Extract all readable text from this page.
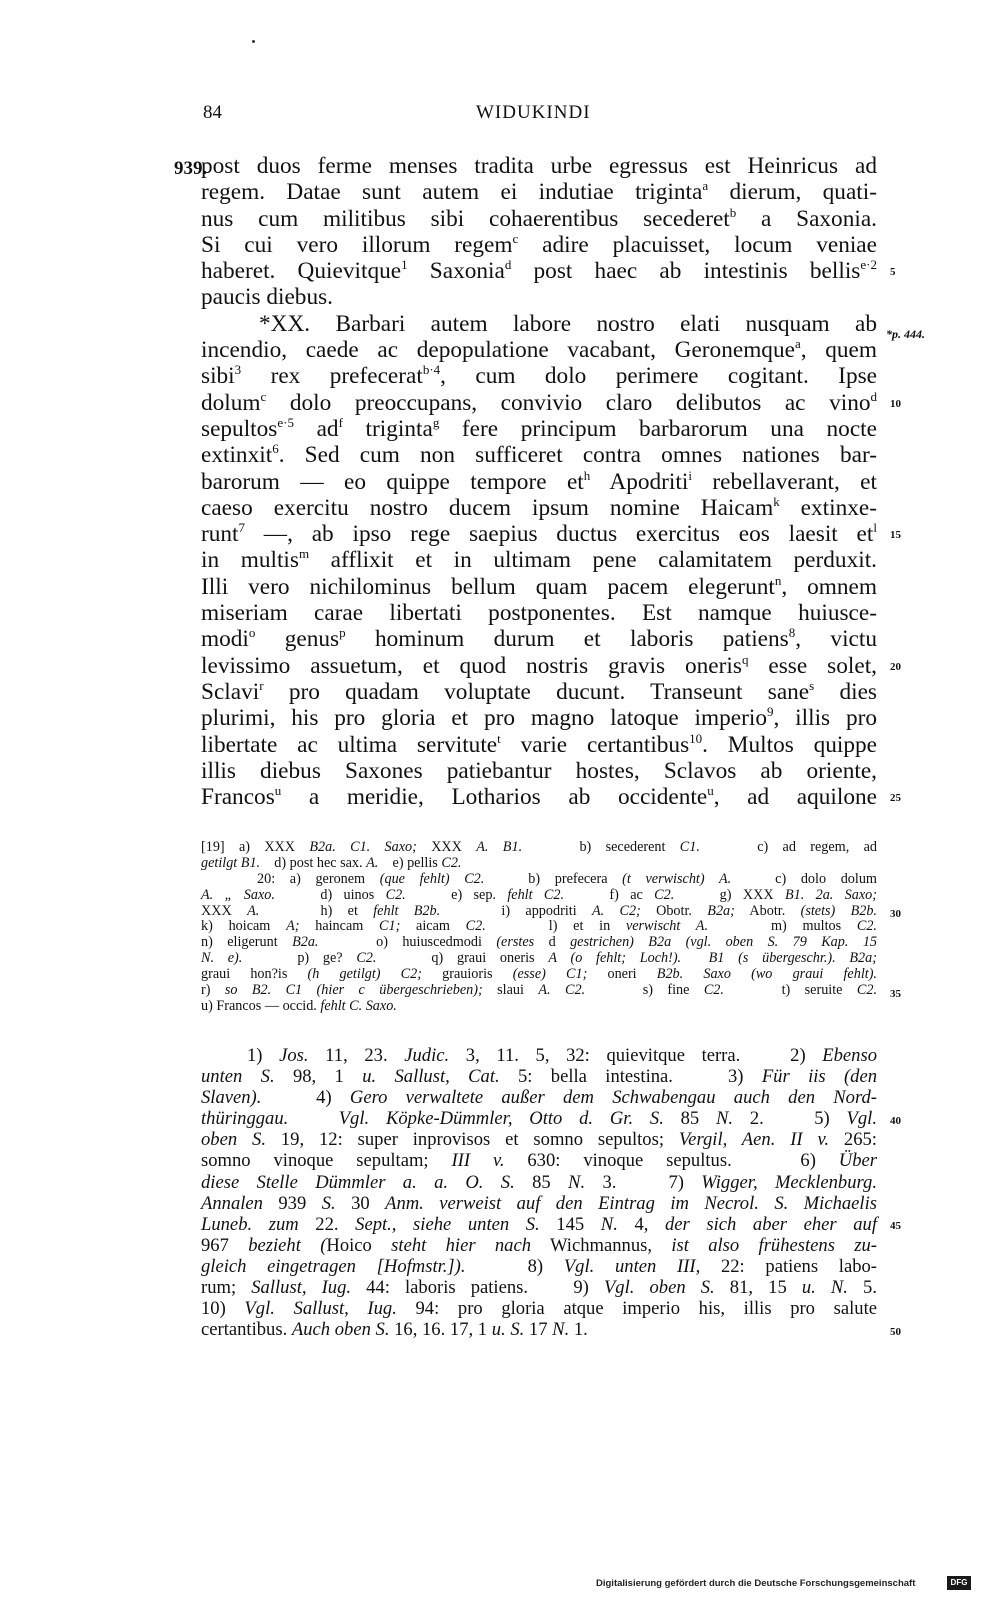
84	WIDUKINDI
939.
*p. 444.
post duos ferme menses tradita urbe egressus est Heinricus ad
regem. Datae sunt autem ei indutiae triginta$^a$ dierum, quati-
nus cum militibus sibi cohaerentibus secederet$^b$ a Saxonia.
Si cui vero illorum regem$^c$ adire placuisset, locum veniae
haberet. Quievitque$^1$ Saxonia$^d$ post haec ab intestinis bellis$^{e\cdot 2}$
paucis diebus.
*XX. Barbari autem labore nostro elati nusquam ab
incendio, caede ac depopulatione vacabant, Geronemque$^a$, quem
sibi$^3$ rex prefecerat$^{b\cdot 4}$, cum dolo perimere cogitant. Ipse
dolum$^c$ dolo preoccupans, convivio claro delibutos ac vino$^d$
sepultos$^{e\cdot 5}$ $ad^f$ triginta$^g$ fere principum barbarorum una nocte
extinxit$^6$. Sed cum non sufficeret contra omnes nationes bar-
barorum — eo quippe tempore $et^h$ Apodriti$^i$ rebellaverant, et
caeso exercitu nostro ducem ipsum nomine Haicam$^k$ extinxe-
runt$^7$ —, ab ipso rege saepius ductus exercitus eos laesit $et^l$
in multis$^m$ afflixit et in ultimam pene calamitatem perduxit.
Illi vero nichilominus bellum quam pacem elegerunt$^n$, omnem
miseriam carae libertati postponentes. Est namque huiusce-
modi$^o$ genus$^p$ hominum durum et laboris patiens$^8$, victu
levissimo assuetum, et quod nostris gravis oneris$^q$ esse solet,
Sclavi$^r$ pro quadam voluptate ducunt. Transeunt sane$^s$ dies
plurimi, his pro gloria et pro magno latoque imperio$^9$, illis pro
libertate ac ultima servitute$^t$ varie certantibus$^{10}$. Multos quippe
illis diebus Saxones patiebantur hostes, Sclavos ab oriente,
Francos$^u$ a meridie, Lotharios ab occidente$^u$, ad aquilone
5
10
15
20
25
[19] a) XXX B2a. C1. Saxo; XXX A. B1.    b) secederent C1.    c) ad regem, ad
getilgt B1.    d) post hec sax. A.    e) pellis C2.
20: a) geronem (que fehlt) C2.   b) prefecera (t verwischt) A.   c) dolo dolum
A. „ Saxo.    d) uinos C2.    e) sep. fehlt C2.    f) ac C2.    g) XXX B1. 2a. Saxo;
XXX A.    h) et fehlt B2b.    i) appodriti A. C2; Obotr. B2a; Abotr. (stets) B2b.
k) hoicam A; haincam C1; aicam C2.    l) et in verwischt A.    m) multos C2.
n) eligerunt B2a.    o) huiuscedmodi (erstes d gestrichen) B2a (vgl. oben S. 79 Kap. 15
N. e).    p) ge? C2.    q) graui oneris A (o fehlt; Loch!). B1 (s übergeschr.). B2a;
graui hon?is (h getilgt) C2; grauioris (esse) C1; oneri B2b. Saxo (wo graui fehlt).
r) so B2. C1 (hier c übergeschrieben); slaui A. C2.    s) fine C2.    t) seruite C2.
u) Francos — occid. fehlt C. Saxo.
30
35
1) Jos. 11, 23. Judic. 3, 11. 5, 32: quievitque terra.   2) Ebenso
unten S. 98, 1 u. Sallust, Cat. 5: bella intestina.   3) Für iis (den
Slaven).   4) Gero verwaltete außer dem Schwabengau auch den Nord-
thüringgau.	Vgl. Köpke-Dümmler, Otto d. Gr. S. 85 N. 2.   5) Vgl.
oben S. 19, 12: super inprovisos et somno sepultos; Vergil, Aen. II v. 265:
somno vinoque sepultam; III v. 630: vinoque sepultus.   6) Über
diese Stelle Dümmler a. a. O. S. 85 N. 3.   7) Wigger, Mecklenburg.
Annalen 939 S. 30 Anm. verweist auf den Eintrag im Necrol. S. Michaelis
Luneb. zum 22. Sept., siehe unten S. 145 N. 4, der sich aber eher auf
967 bezieht (Hoico steht hier nach Wichmannus, ist also frühestens zu-
gleich eingetragen [Hofmstr.]).   8) Vgl. unten III, 22: patiens labo-
rum; Sallust, Iug. 44: laboris patiens.   9) Vgl. oben S. 81, 15 u. N. 5.
10) Vgl. Sallust, Iug. 94: pro gloria atque imperio his, illis pro salute
certantibus. Auch oben S. 16, 16. 17, 1 u. S. 17 N. 1.
40
45
50
Digitalisierung gefördert durch die Deutsche Forschungsgemeinschaft	DFG
